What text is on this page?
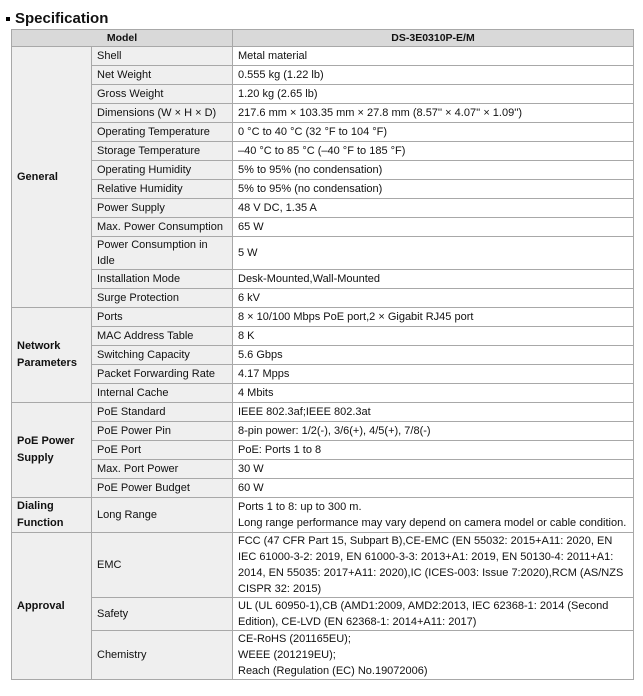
Specification
Model		DS-3E0310P-E/M
General	Shell	Metal material
	Net Weight	0.555 kg (1.22 lb)
	Gross Weight	1.20 kg (2.65 lb)
	Dimensions (W × H × D)	217.6 mm × 103.35 mm × 27.8 mm (8.57'' × 4.07'' × 1.09'')
	Operating Temperature	0 °C to 40 °C (32 °F to 104 °F)
	Storage Temperature	–40 °C to 85 °C (–40 °F to 185 °F)
	Operating Humidity	5% to 95% (no condensation)
	Relative Humidity	5% to 95% (no condensation)
	Power Supply	48 V DC, 1.35 A
	Max. Power Consumption	65 W
	Power Consumption in Idle	5 W
	Installation Mode	Desk-Mounted,Wall-Mounted
	Surge Protection	6 kV
Network Parameters	Ports	8 × 10/100 Mbps PoE port,2 × Gigabit RJ45 port
	MAC Address Table	8 K
	Switching Capacity	5.6 Gbps
	Packet Forwarding Rate	4.17 Mpps
	Internal Cache	4 Mbits
PoE Power Supply	PoE Standard	IEEE 802.3af;IEEE 802.3at
	PoE Power Pin	8-pin power: 1/2(-), 3/6(+), 4/5(+), 7/8(-)
	PoE Port	PoE: Ports 1 to 8
	Max. Port Power	30 W
	PoE Power Budget	60 W
Dialing Function	Long Range	Ports 1 to 8: up to 300 m.
Long range performance may vary depend on camera model or cable condition.
Approval	EMC	FCC (47 CFR Part 15, Subpart B),CE-EMC (EN 55032: 2015+A11: 2020, EN IEC 61000-3-2: 2019, EN 61000-3-3: 2013+A1: 2019, EN 50130-4: 2011+A1: 2014, EN 55035: 2017+A11: 2020),IC (ICES-003: Issue 7:2020),RCM (AS/NZS CISPR 32: 2015)
	Safety	UL (UL 60950-1),CB (AMD1:2009, AMD2:2013, IEC 62368-1: 2014 (Second Edition), CE-LVD (EN 62368-1: 2014+A11: 2017)
	Chemistry	CE-RoHS (201165EU);
WEEE (201219EU);
Reach (Regulation (EC) No.19072006)
